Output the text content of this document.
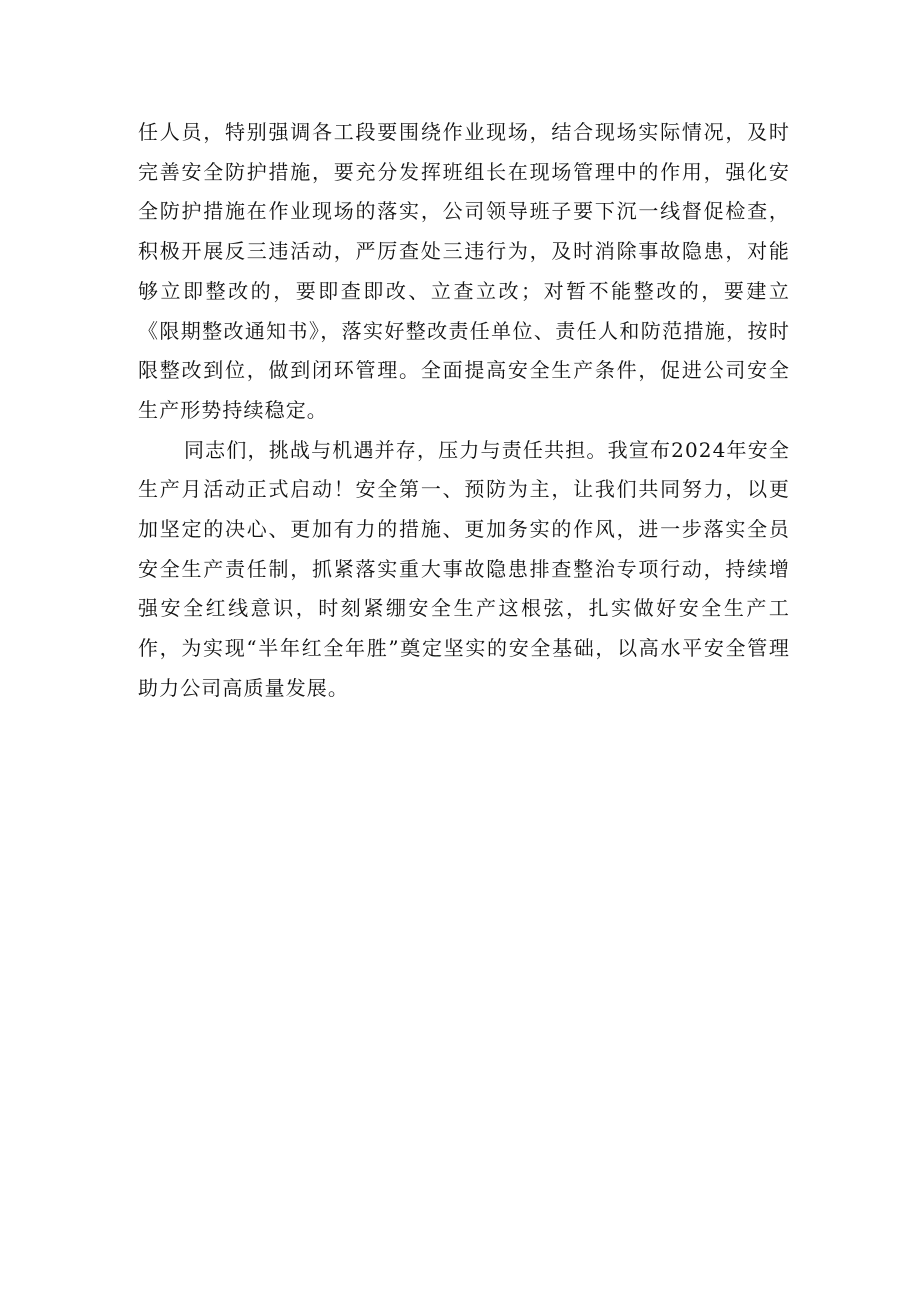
任人员，特别强调各工段要围绕作业现场，结合现场实际情况，及时完善安全防护措施，要充分发挥班组长在现场管理中的作用，强化安全防护措施在作业现场的落实，公司领导班子要下沉一线督促检查，积极开展反三违活动，严厉查处三违行为，及时消除事故隐患，对能够立即整改的，要即查即改、立查立改；对暂不能整改的，要建立《限期整改通知书》，落实好整改责任单位、责任人和防范措施，按时限整改到位，做到闭环管理。全面提高安全生产条件，促进公司安全生产形势持续稳定。

同志们，挑战与机遇并存，压力与责任共担。我宣布2024年安全生产月活动正式启动！安全第一、预防为主，让我们共同努力，以更加坚定的决心、更加有力的措施、更加务实的作风，进一步落实全员安全生产责任制，抓紧落实重大事故隐患排查整治专项行动，持续增强安全红线意识，时刻紧绷安全生产这根弦，扎实做好安全生产工作，为实现“半年红全年胜”奠定坚实的安全基础，以高水平安全管理助力公司高质量发展。
